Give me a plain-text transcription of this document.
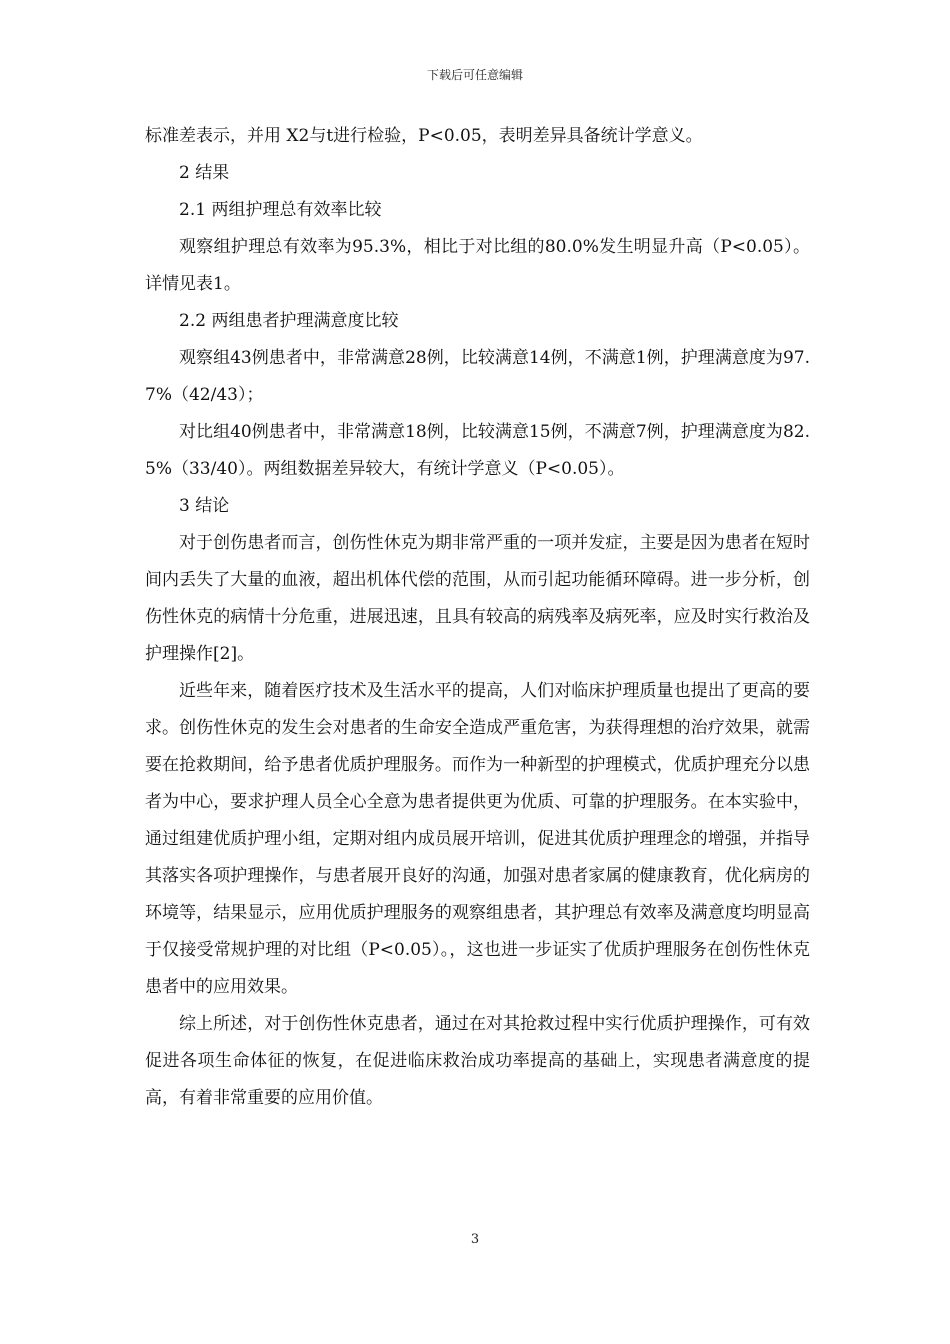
下载后可任意编辑

标准差表示，并用 X2与t进行检验，P<0.05，表明差异具备统计学意义。

2 结果

2.1 两组护理总有效率比较

观察组护理总有效率为95.3%，相比于对比组的80.0%发生明显升高（P<0.05）。详情见表1。

2.2 两组患者护理满意度比较

观察组43例患者中，非常满意28例，比较满意14例，不满意1例，护理满意度为97.7%（42/43）；

对比组40例患者中，非常满意18例，比较满意15例，不满意7例，护理满意度为82.5%（33/40）。两组数据差异较大，有统计学意义（P<0.05）。

3 结论

对于创伤患者而言，创伤性休克为期非常严重的一项并发症，主要是因为患者在短时间内丢失了大量的血液，超出机体代偿的范围，从而引起功能循环障碍。进一步分析，创伤性休克的病情十分危重，进展迅速，且具有较高的病残率及病死率，应及时实行救治及护理操作[2]。

近些年来，随着医疗技术及生活水平的提高，人们对临床护理质量也提出了更高的要求。创伤性休克的发生会对患者的生命安全造成严重危害，为获得理想的治疗效果，就需要在抢救期间，给予患者优质护理服务。而作为一种新型的护理模式，优质护理充分以患者为中心，要求护理人员全心全意为患者提供更为优质、可靠的护理服务。在本实验中，通过组建优质护理小组，定期对组内成员展开培训，促进其优质护理理念的增强，并指导其落实各项护理操作，与患者展开良好的沟通，加强对患者家属的健康教育，优化病房的环境等，结果显示，应用优质护理服务的观察组患者，其护理总有效率及满意度均明显高于仅接受常规护理的对比组（P<0.05）。，这也进一步证实了优质护理服务在创伤性休克患者中的应用效果。

综上所述，对于创伤性休克患者，通过在对其抢救过程中实行优质护理操作，可有效促进各项生命体征的恢复，在促进临床救治成功率提高的基础上，实现患者满意度的提高，有着非常重要的应用价值。

3
